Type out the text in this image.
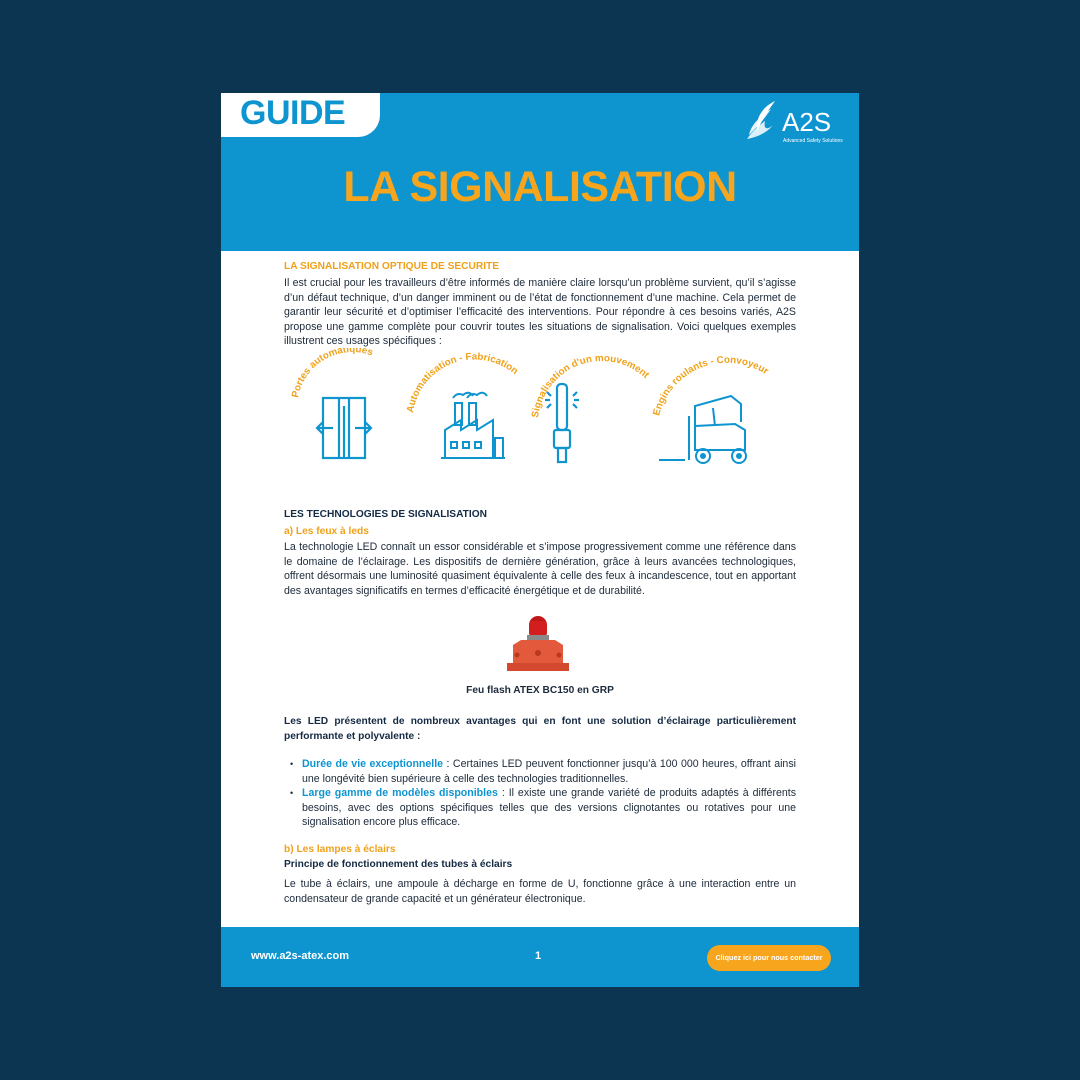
GUIDE	A2S
Advanced Safety Solutions
LA SIGNALISATION
LA SIGNALISATION OPTIQUE DE SECURITE
Il est crucial pour les travailleurs d’être informés de manière claire lorsqu’un problème survient, qu’il s’agisse d’un défaut technique, d’un danger imminent ou de l’état de fonctionnement d’une machine. Cela permet de garantir leur sécurité et d’optimiser l’efficacité des interventions. Pour répondre à ces besoins variés, A2S propose une gamme complète pour couvrir toutes les situations de signalisation. Voici quelques exemples illustrent ces usages spécifiques :
Portes automatiques
Automatisation - Fabrication
Signalisation d'un mouvement
Engins roulants - Convoyeur
LES TECHNOLOGIES DE SIGNALISATION
a) Les feux à leds
La technologie LED connaît un essor considérable et s’impose progressivement comme une référence dans le domaine de l’éclairage. Les dispositifs de dernière génération, grâce à leurs avancées technologiques, offrent désormais une luminosité quasiment équivalente à celle des feux à incandescence, tout en apportant des avantages significatifs en termes d’efficacité énergétique et de durabilité.
Feu flash ATEX BC150 en GRP
Les LED présentent de nombreux avantages qui en font une solution d’éclairage particulièrement performante et polyvalente :
• Durée de vie exceptionnelle : Certaines LED peuvent fonctionner jusqu’à 100 000 heures, offrant ainsi une longévité bien supérieure à celle des technologies traditionnelles.
• Large gamme de modèles disponibles : Il existe une grande variété de produits adaptés à différents besoins, avec des options spécifiques telles que des versions clignotantes ou rotatives pour une signalisation encore plus efficace.
b) Les lampes à éclairs
Principe de fonctionnement des tubes à éclairs
Le tube à éclairs, une ampoule à décharge en forme de U, fonctionne grâce à une interaction entre un condensateur de grande capacité et un générateur électronique.
www.a2s-atex.com	1	Cliquez ici pour nous contacter
